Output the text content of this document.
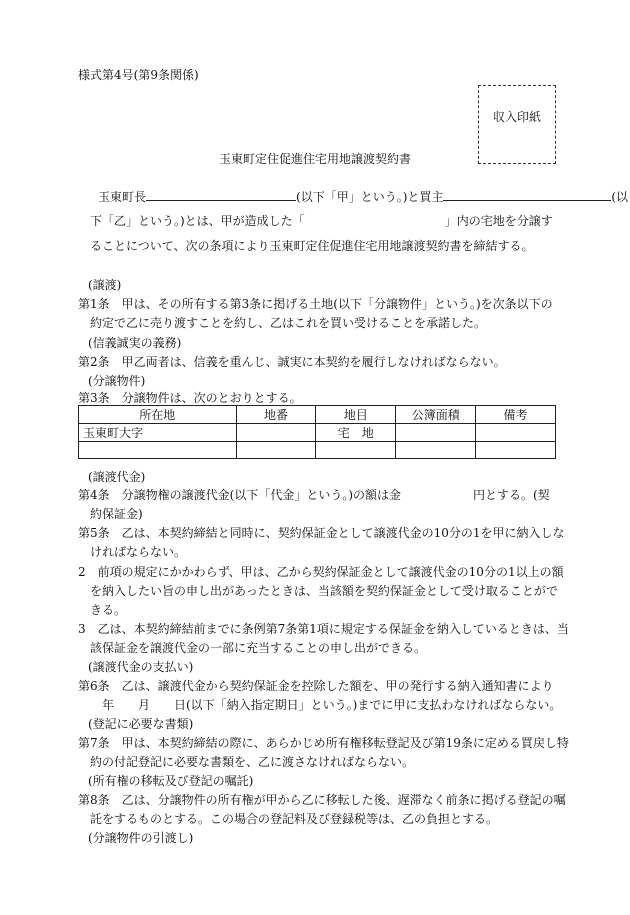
様式第4号(第9条関係)
収入印紙
玉東町定住促進住宅用地譲渡契約書
玉東町長	(以下「甲」という。)と買主	(以
下「乙」という。)とは、甲が造成した「	」内の宅地を分譲す
ることについて、次の条項により玉東町定住促進住宅用地譲渡契約書を締結する。
(譲渡)
第1条　甲は、その所有する第3条に掲げる土地(以下「分譲物件」という。)を次条以下の
約定で乙に売り渡すことを約し、乙はこれを買い受けることを承諾した。
(信義誠実の義務)
第2条　甲乙両者は、信義を重んじ、誠実に本契約を履行しなければならない。
(分譲物件)
第3条　分譲物件は、次のとおりとする。
所在地	地番	地目	公簿面積	備考
玉東町大字		宅　地		

(譲渡代金)
第4条　分譲物権の譲渡代金(以下「代金」という。)の額は金　　　　　　円とする。(契
約保証金)
第5条　乙は、本契約締結と同時に、契約保証金として譲渡代金の10分の1を甲に納入しな
ければならない。
2　前項の規定にかかわらず、甲は、乙から契約保証金として譲渡代金の10分の1以上の額
を納入したい旨の申し出があったときは、当該額を契約保証金として受け取ることがで
きる。
3　乙は、本契約締結前までに条例第7条第1項に規定する保証金を納入しているときは、当
該保証金を譲渡代金の一部に充当することの申し出ができる。
(譲渡代金の支払い)
第6条　乙は、譲渡代金から契約保証金を控除した額を、甲の発行する納入通知書により
年　　月　　日(以下「納入指定期日」という。)までに甲に支払わなければならない。
(登記に必要な書類)
第7条　甲は、本契約締結の際に、あらかじめ所有権移転登記及び第19条に定める買戻し特
約の付記登記に必要な書類を、乙に渡さなければならない。
(所有権の移転及び登記の嘱託)
第8条　乙は、分譲物件の所有権が甲から乙に移転した後、遅滞なく前条に掲げる登記の嘱
託をするものとする。この場合の登記料及び登録税等は、乙の負担とする。
(分譲物件の引渡し)
